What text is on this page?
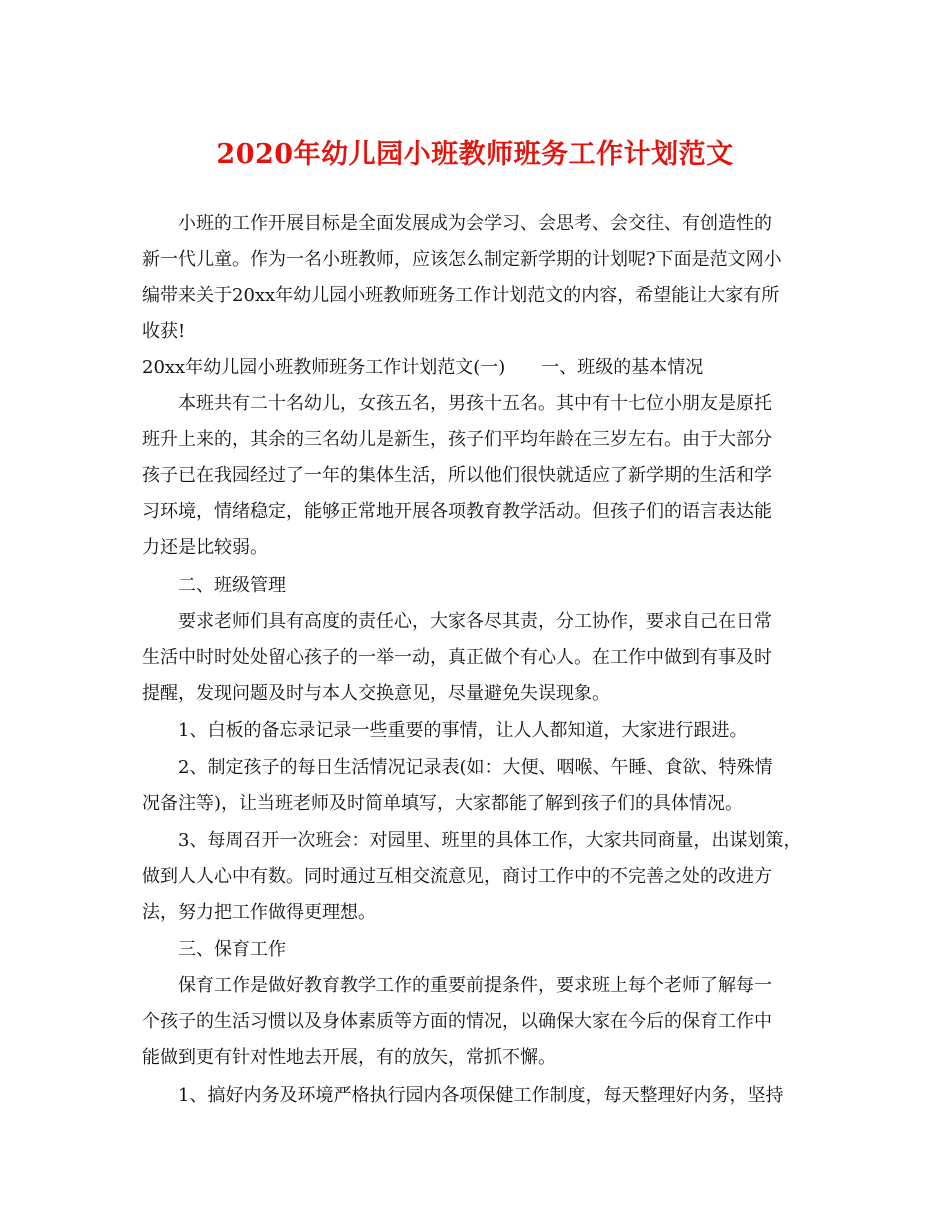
2020年幼儿园小班教师班务工作计划范文
小班的工作开展目标是全面发展成为会学习、会思考、会交往、有创造性的
新一代儿童。作为一名小班教师，应该怎么制定新学期的计划呢?下面是范文网小
编带来关于20xx年幼儿园小班教师班务工作计划范文的内容，希望能让大家有所
收获!
20xx年幼儿园小班教师班务工作计划范文(一)　　一、班级的基本情况
本班共有二十名幼儿，女孩五名，男孩十五名。其中有十七位小朋友是原托
班升上来的，其余的三名幼儿是新生，孩子们平均年龄在三岁左右。由于大部分
孩子已在我园经过了一年的集体生活，所以他们很快就适应了新学期的生活和学
习环境，情绪稳定，能够正常地开展各项教育教学活动。但孩子们的语言表达能
力还是比较弱。
二、班级管理
要求老师们具有高度的责任心，大家各尽其责，分工协作，要求自己在日常
生活中时时处处留心孩子的一举一动，真正做个有心人。在工作中做到有事及时
提醒，发现问题及时与本人交换意见，尽量避免失误现象。
1、白板的备忘录记录一些重要的事情，让人人都知道，大家进行跟进。
2、制定孩子的每日生活情况记录表(如：大便、咽喉、午睡、食欲、特殊情
况备注等)，让当班老师及时简单填写，大家都能了解到孩子们的具体情况。
3、每周召开一次班会：对园里、班里的具体工作，大家共同商量，出谋划策，
做到人人心中有数。同时通过互相交流意见，商讨工作中的不完善之处的改进方
法，努力把工作做得更理想。
三、保育工作
保育工作是做好教育教学工作的重要前提条件，要求班上每个老师了解每一
个孩子的生活习惯以及身体素质等方面的情况，以确保大家在今后的保育工作中
能做到更有针对性地去开展，有的放矢，常抓不懈。
1、搞好内务及环境严格执行园内各项保健工作制度，每天整理好内务，坚持
